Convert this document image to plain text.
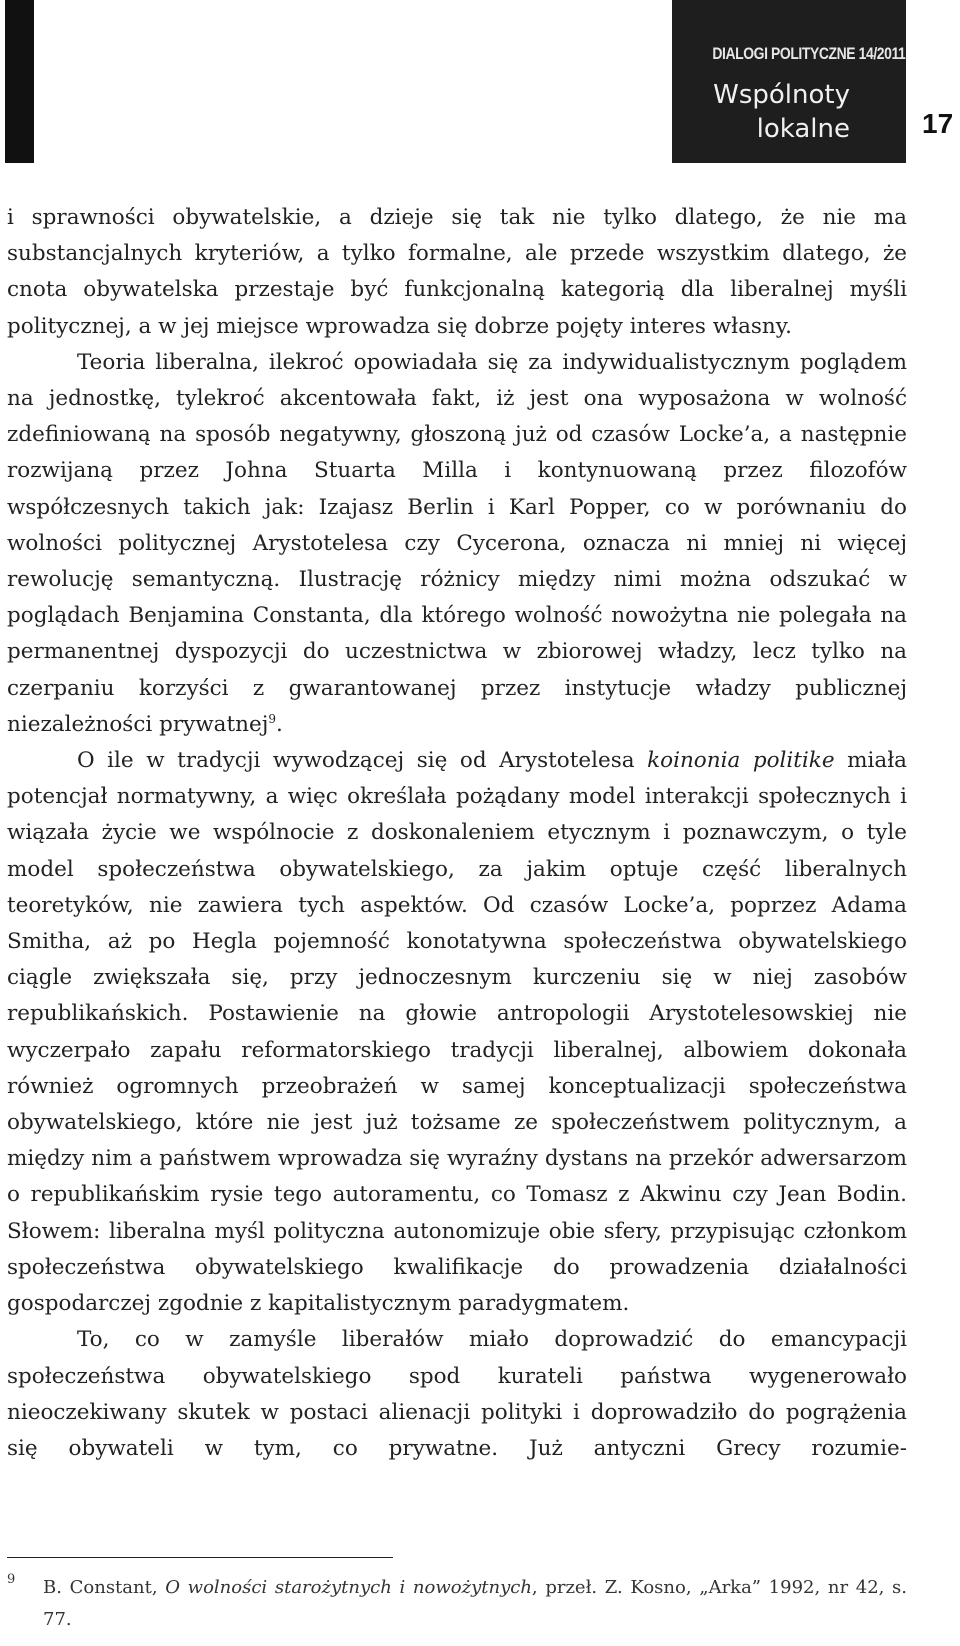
DIALOGI POLITYCZNE 14/2011
Wspólnoty lokalne	17

i sprawności obywatelskie, a dzieje się tak nie tylko dlatego, że nie ma substancjalnych kryteriów, a tylko formalne, ale przede wszystkim dlatego, że cnota obywatelska przestaje być funkcjonalną kategorią dla liberalnej myśli politycznej, a w jej miejsce wprowadza się dobrze pojęty interes własny.

Teoria liberalna, ilekroć opowiadała się za indywidualistycznym poglądem na jednostkę, tylekroć akcentowała fakt, iż jest ona wyposażona w wolność zdefiniowaną na sposób negatywny, głoszoną już od czasów Locke’a, a następnie rozwijaną przez Johna Stuarta Milla i kontynuowaną przez filozofów współczesnych takich jak: Izajasz Berlin i Karl Popper, co w porównaniu do wolności politycznej Arystotelesa czy Cycerona, oznacza ni mniej ni więcej rewolucję semantyczną. Ilustrację różnicy między nimi można odszukać w poglądach Benjamina Constanta, dla którego wolność nowożytna nie polegała na permanentnej dyspozycji do uczestnictwa w zbiorowej władzy, lecz tylko na czerpaniu korzyści z gwarantowanej przez instytucje władzy publicznej niezależności prywatnej$^9$.

O ile w tradycji wywodzącej się od Arystotelesa koinonia politike miała potencjał normatywny, a więc określała pożądany model interakcji społecznych i wiązała życie we wspólnocie z doskonaleniem etycznym i poznawczym, o tyle model społeczeństwa obywatelskiego, za jakim optuje część liberalnych teoretyków, nie zawiera tych aspektów. Od czasów Locke’a, poprzez Adama Smitha, aż po Hegla pojemność konotatywna społeczeństwa obywatelskiego ciągle zwiększała się, przy jednoczesnym kurczeniu się w niej zasobów republikańskich. Postawienie na głowie antropologii Arystotelesowskiej nie wyczerpało zapału reformatorskiego tradycji liberalnej, albowiem dokonała również ogromnych przeobrażeń w samej konceptualizacji społeczeństwa obywatelskiego, które nie jest już tożsame ze społeczeństwem politycznym, a między nim a państwem wprowadza się wyraźny dystans na przekór adwersarzom o republikańskim rysie tego autoramentu, co Tomasz z Akwinu czy Jean Bodin. Słowem: liberalna myśl polityczna autonomizuje obie sfery, przypisując członkom społeczeństwa obywatelskiego kwalifikacje do prowadzenia działalności gospodarczej zgodnie z kapitalistycznym paradygmatem.

To, co w zamyśle liberałów miało doprowadzić do emancypacji społeczeństwa obywatelskiego spod kurateli państwa wygenerowało nieoczekiwany skutek w postaci alienacji polityki i doprowadziło do pogrążenia się obywateli w tym, co prywatne. Już antyczni Grecy rozumie-

9	B. Constant, O wolności starożytnych i nowożytnych, przeł. Z. Kosno, „Arka” 1992, nr 42, s. 77.
